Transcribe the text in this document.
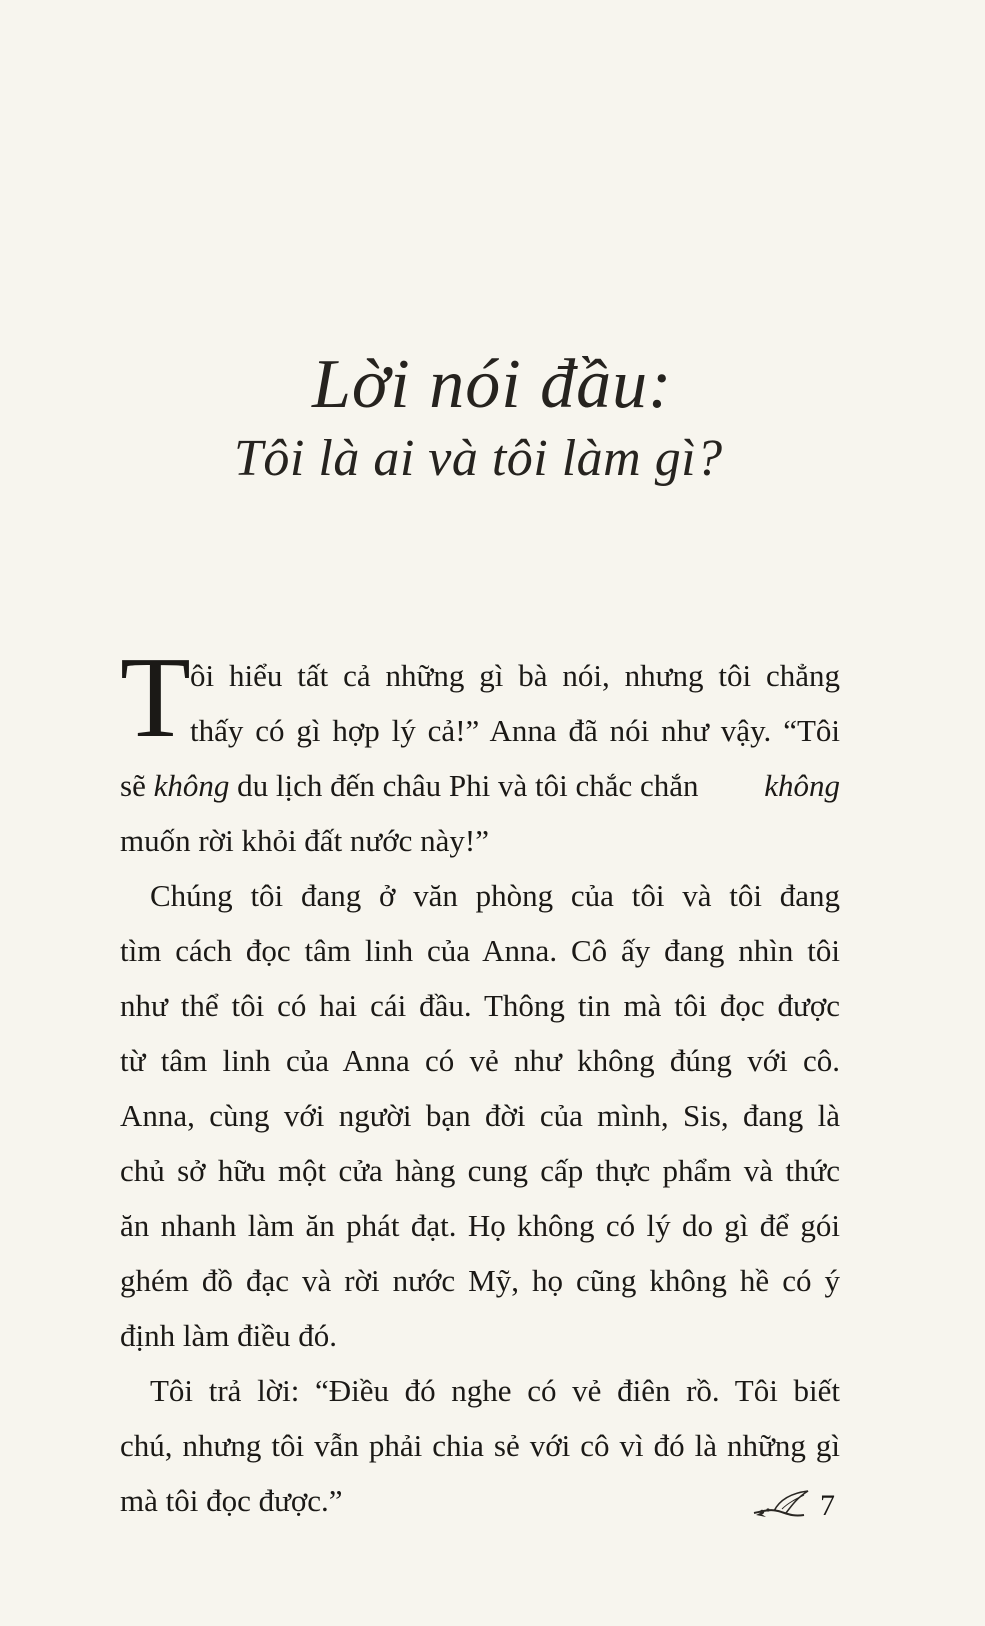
Lời nói đầu:
Tôi là ai và tôi làm gì?
T ôi hiểu tất cả những gì bà nói, nhưng tôi chẳng
thấy có gì hợp lý cả!” Anna đã nói như vậy. “Tôi
sẽ không du lịch đến châu Phi và tôi chắc chắn không
muốn rời khỏi đất nước này!”
Chúng tôi đang ở văn phòng của tôi và tôi đang
tìm cách đọc tâm linh của Anna. Cô ấy đang nhìn tôi
như thể tôi có hai cái đầu. Thông tin mà tôi đọc được
từ tâm linh của Anna có vẻ như không đúng với cô.
Anna, cùng với người bạn đời của mình, Sis, đang là
chủ sở hữu một cửa hàng cung cấp thực phẩm và thức
ăn nhanh làm ăn phát đạt. Họ không có lý do gì để gói
ghém đồ đạc và rời nước Mỹ, họ cũng không hề có ý
định làm điều đó.
Tôi trả lời: “Điều đó nghe có vẻ điên rồ. Tôi biết
chú, nhưng tôi vẫn phải chia sẻ với cô vì đó là những gì
mà tôi đọc được.”	7
